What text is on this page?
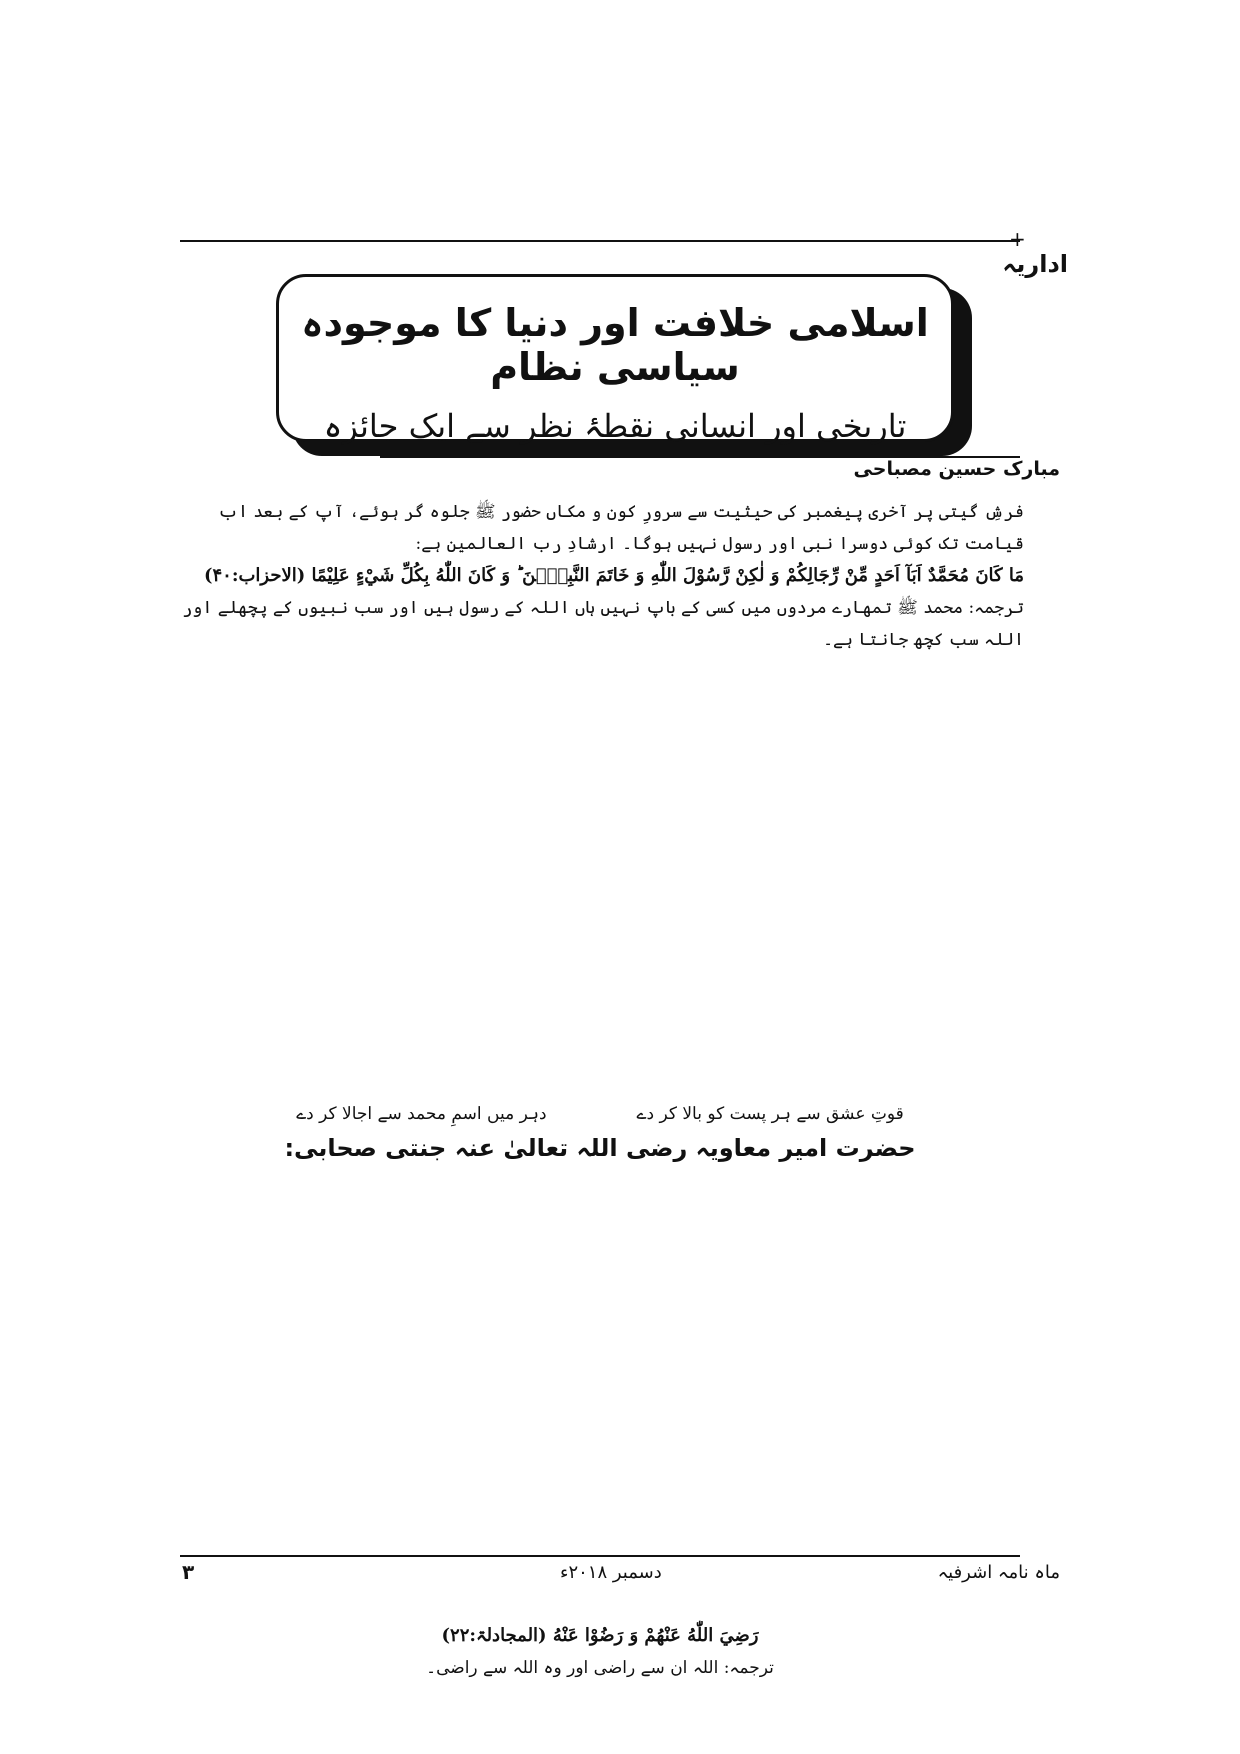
+
اداریہ
اسلامی خلافت اور دنیا کا موجودہ سیاسی نظام
تاریخی اور انسانی نقطۂ نظر سے ایک جائزہ
مبارک حسین مصباحی

فرشِ گیتی پر آخری پیغمبر کی حیثیت سے سرورِ کون و مکاں حضور ﷺ جلوہ گر ہوئے، آپ کے بعد اب قیامت تک کوئی دوسرا نبی اور رسول نہیں ہوگا۔ ارشادِ رب العالمین ہے:

مَا كَانَ مُحَمَّدٌ اَبَآ اَحَدٍ مِّنْ رِّجَالِكُمْ وَ لٰكِنْ رَّسُوْلَ اللّٰهِ وَ خَاتَمَ النَّبِيّٖنَ ؕ وَ كَانَ اللّٰهُ بِكُلِّ شَيْءٍ عَلِيْمًا (الاحزاب:۴۰)

ترجمہ: محمد ﷺ تمھارے مردوں میں کسی کے باپ نہیں ہاں اللہ کے رسول ہیں اور سب نبیوں کے پچھلے اور اللہ سب کچھ جانتا ہے۔

قوتِ عشق سے ہر پست کو بالا کر دے
دہر میں اسمِ محمد سے اجالا کر دے
حضرت امیر معاویہ رضی اللہ تعالیٰ عنہ جنتی صحابی:

رَضِيَ اللّٰهُ عَنْهُمْ وَ رَضُوْا عَنْهُ (المجادلۃ:۲۲)

ترجمہ: اللہ ان سے راضی اور وہ اللہ سے راضی۔

۳	دسمبر ۲۰۱۸ء	ماہ نامہ اشرفیہ
